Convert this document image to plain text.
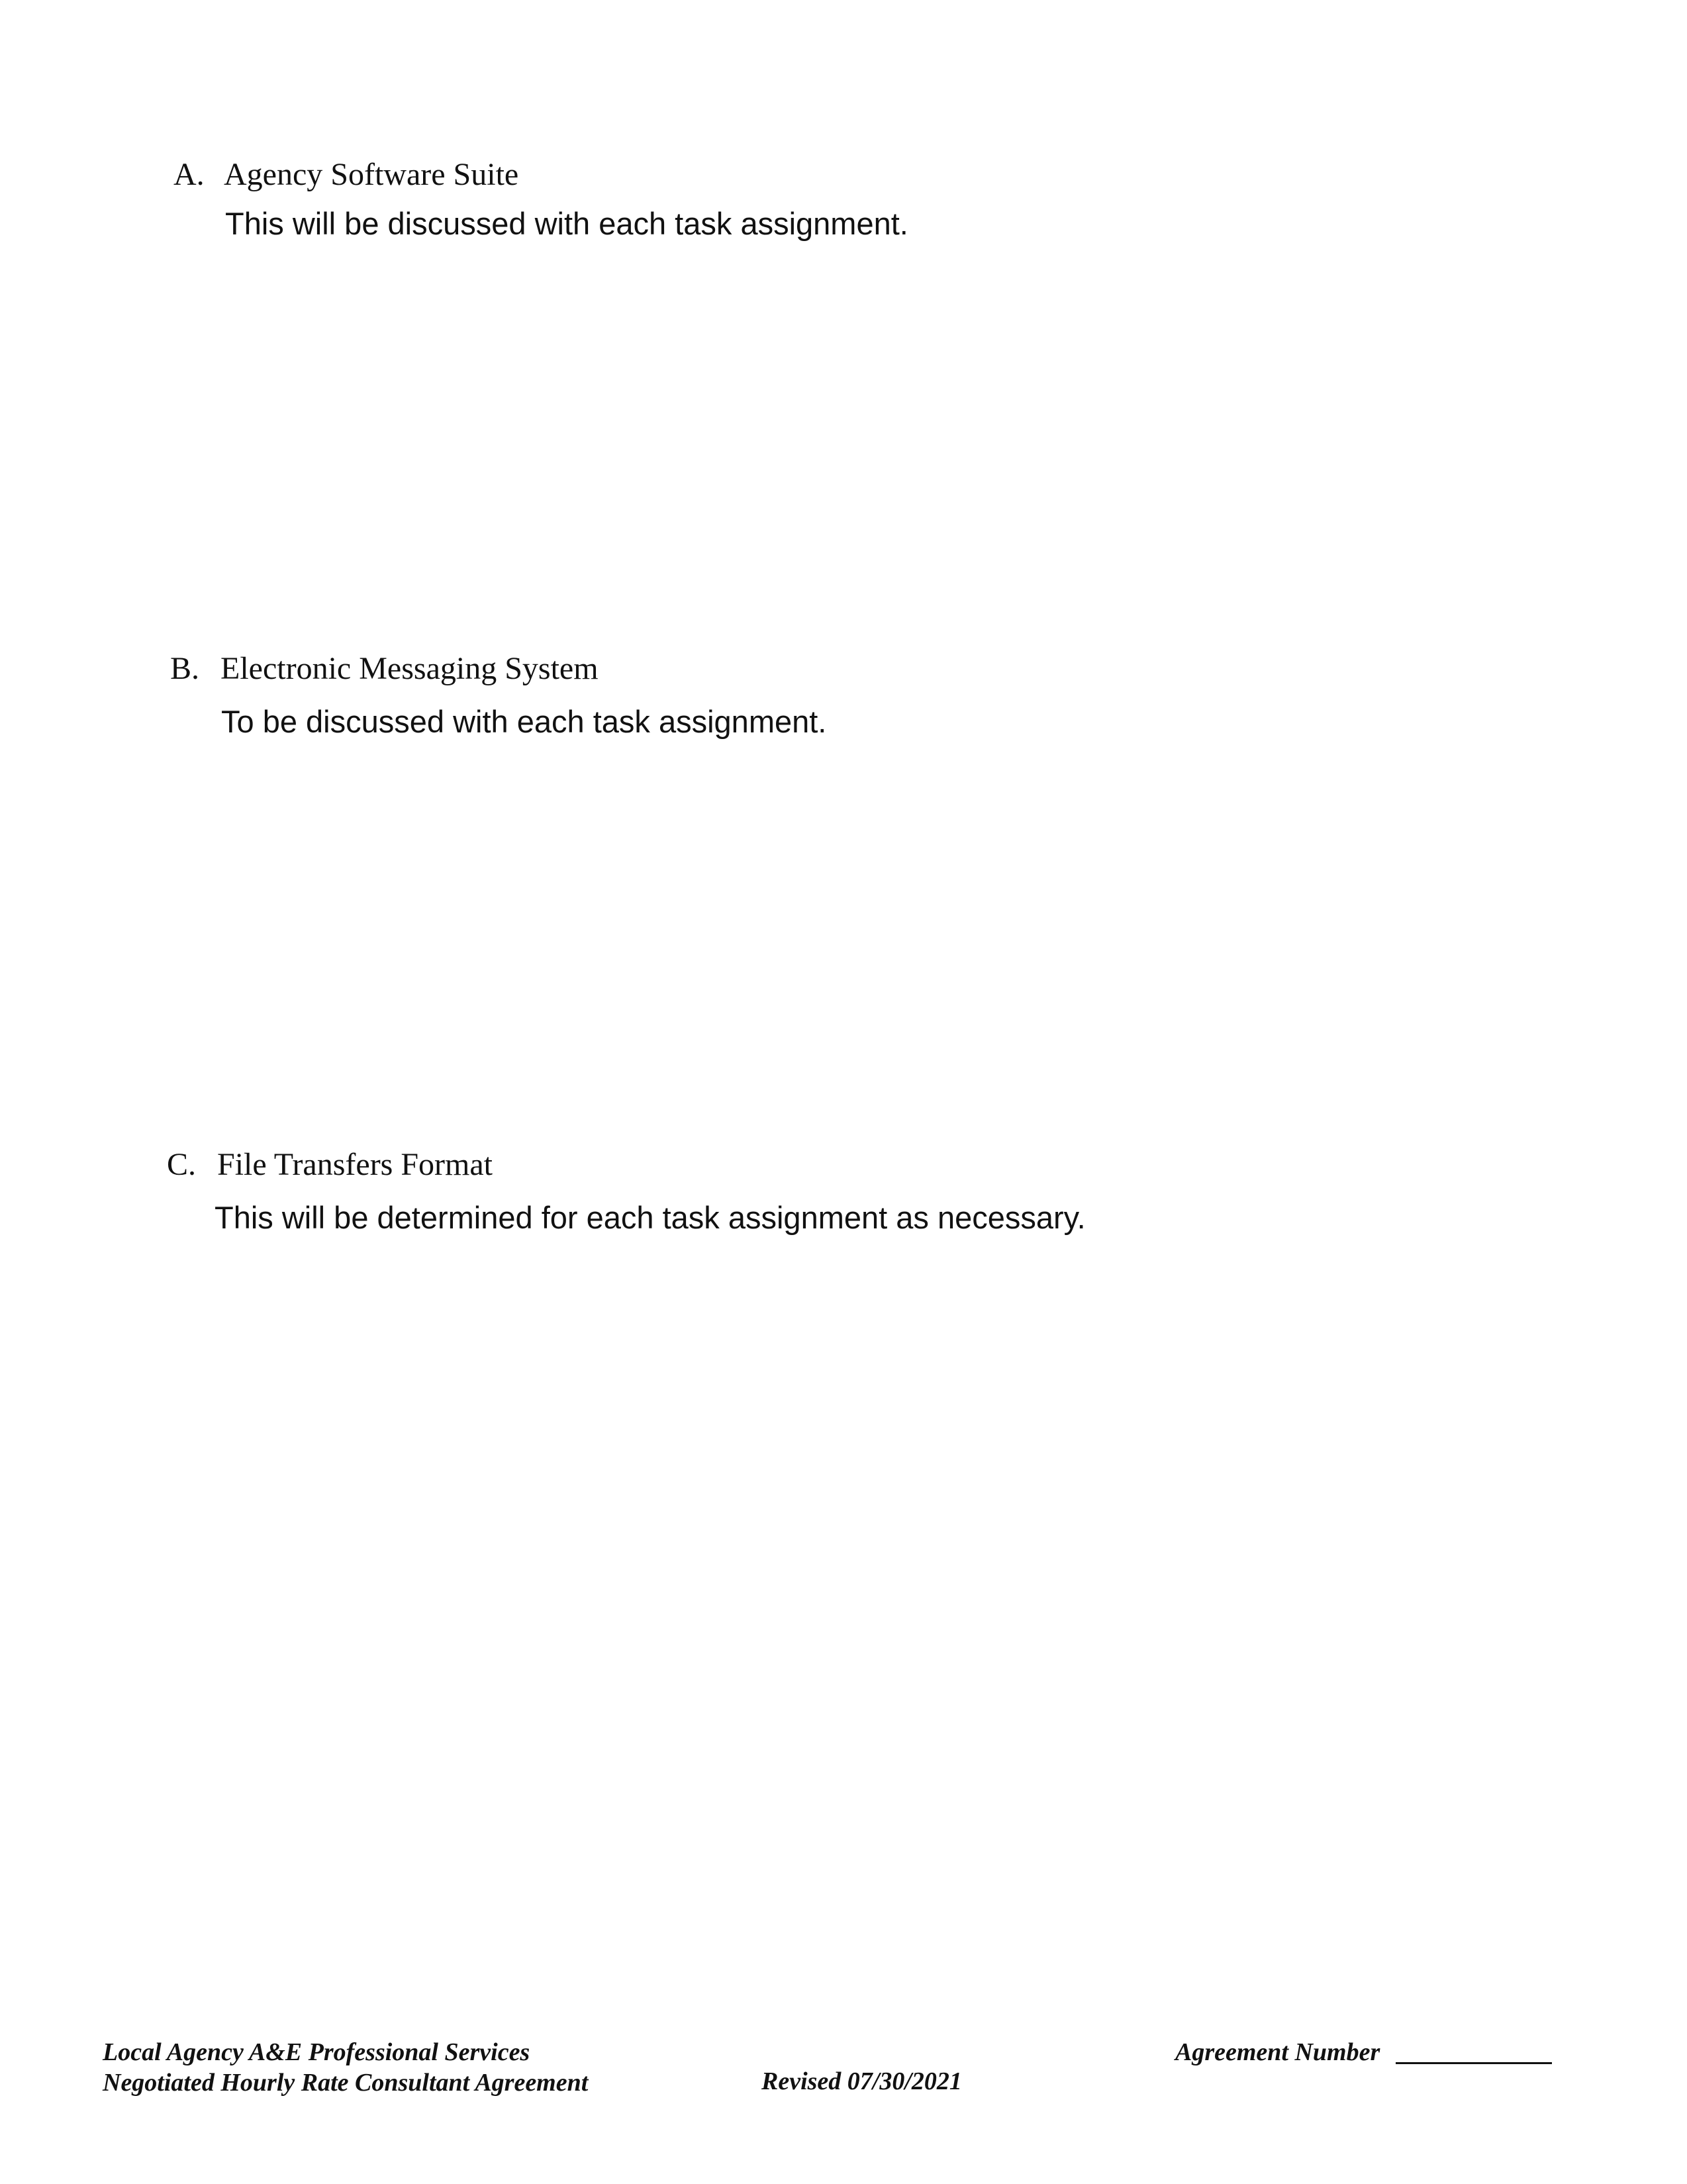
A. Agency Software Suite
This will be discussed with each task assignment.
B. Electronic Messaging System
To be discussed with each task assignment.
C. File Transfers Format
This will be determined for each task assignment as necessary.
Local Agency A&E Professional Services
Negotiated Hourly Rate Consultant Agreement	Revised 07/30/2021
Agreement Number
